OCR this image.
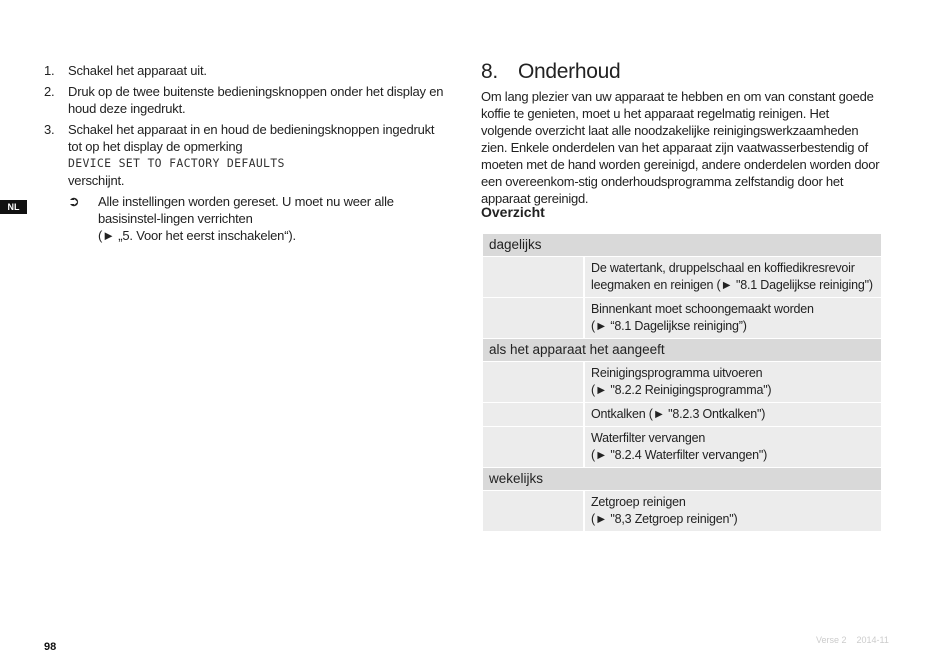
1. Schakel het apparaat uit.
2. Druk op de twee buitenste bedieningsknoppen onder het display en houd deze ingedrukt.
3. Schakel het apparaat in en houd de bedieningsknoppen ingedrukt tot op het display de opmerking
DEVICE SET TO FACTORY DEFAULTS
verschijnt.
➲ Alle instellingen worden gereset. U moet nu weer alle basisinstel-lingen verrichten
(► „5. Voor het eerst inschakelen“).
NL
98
8. Onderhoud
Om lang plezier van uw apparaat te hebben en om van constant goede koffie te genieten, moet u het apparaat regelmatig reinigen. Het volgende overzicht laat alle noodzakelijke reinigingswerkzaamheden zien. Enkele onderdelen van het apparaat zijn vaatwasserbestendig of moeten met de hand worden gereinigd, andere onderdelen worden door een overeenkom-stig onderhoudsprogramma zelfstandig door het apparaat gereinigd.
Overzicht
dagelijks
De watertank, druppelschaal en koffiedikresrevoir
leegmaken en reinigen (► "8.1 Dagelijkse reiniging")
Binnenkant moet schoongemaakt worden
(► “8.1 Dagelijkse reiniging”)
als het apparaat het aangeeft
Reinigingsprogramma uitvoeren
(► "8.2.2 Reinigingsprogramma")
Ontkalken (► "8.2.3 Ontkalken")
Waterfilter vervangen
(► "8.2.4 Waterfilter vervangen")
wekelijks
Zetgroep reinigen
(► "8,3 Zetgroep reinigen")
Verse 2 2014-11
